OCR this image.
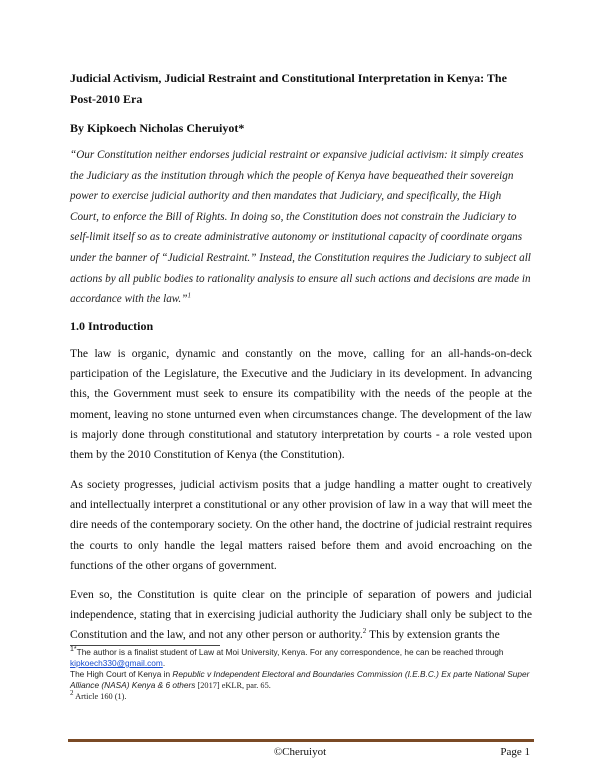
Judicial Activism, Judicial Restraint and Constitutional Interpretation in Kenya: The Post-2010 Era
By Kipkoech Nicholas Cheruiyot*
“Our Constitution neither endorses judicial restraint or expansive judicial activism: it simply creates the Judiciary as the institution through which the people of Kenya have bequeathed their sovereign power to exercise judicial authority and then mandates that Judiciary, and specifically, the High Court, to enforce the Bill of Rights. In doing so, the Constitution does not constrain the Judiciary to self-limit itself so as to create administrative autonomy or institutional capacity of coordinate organs under the banner of “Judicial Restraint.” Instead, the Constitution requires the Judiciary to subject all actions by all public bodies to rationality analysis to ensure all such actions and decisions are made in accordance with the law.”$^1$
1.0 Introduction

The law is organic, dynamic and constantly on the move, calling for an all-hands-on-deck participation of the Legislature, the Executive and the Judiciary in its development. In advancing this, the Government must seek to ensure its compatibility with the needs of the people at the moment, leaving no stone unturned even when circumstances change. The development of the law is majorly done through constitutional and statutory interpretation by courts - a role vested upon them by the 2010 Constitution of Kenya (the Constitution).

As society progresses, judicial activism posits that a judge handling a matter ought to creatively and intellectually interpret a constitutional or any other provision of law in a way that will meet the dire needs of the contemporary society. On the other hand, the doctrine of judicial restraint requires the courts to only handle the legal matters raised before them and avoid encroaching on the functions of the other organs of government.

Even so, the Constitution is quite clear on the principle of separation of powers and judicial independence, stating that in exercising judicial authority the Judiciary shall only be subject to the Constitution and the law, and not any other person or authority.$^2$ This by extension grants the

$^{1*}$The author is a finalist student of Law at Moi University, Kenya. For any correspondence, he can be reached through kipkoech330@gmail.com.

The High Court of Kenya in Republic v Independent Electoral and Boundaries Commission (I.E.B.C.) Ex parte National Super Alliance (NASA) Kenya & 6 others [2017] eKLR, par. 65.

$^2$ Article 160 (1).

©Cheruiyot	Page 1
